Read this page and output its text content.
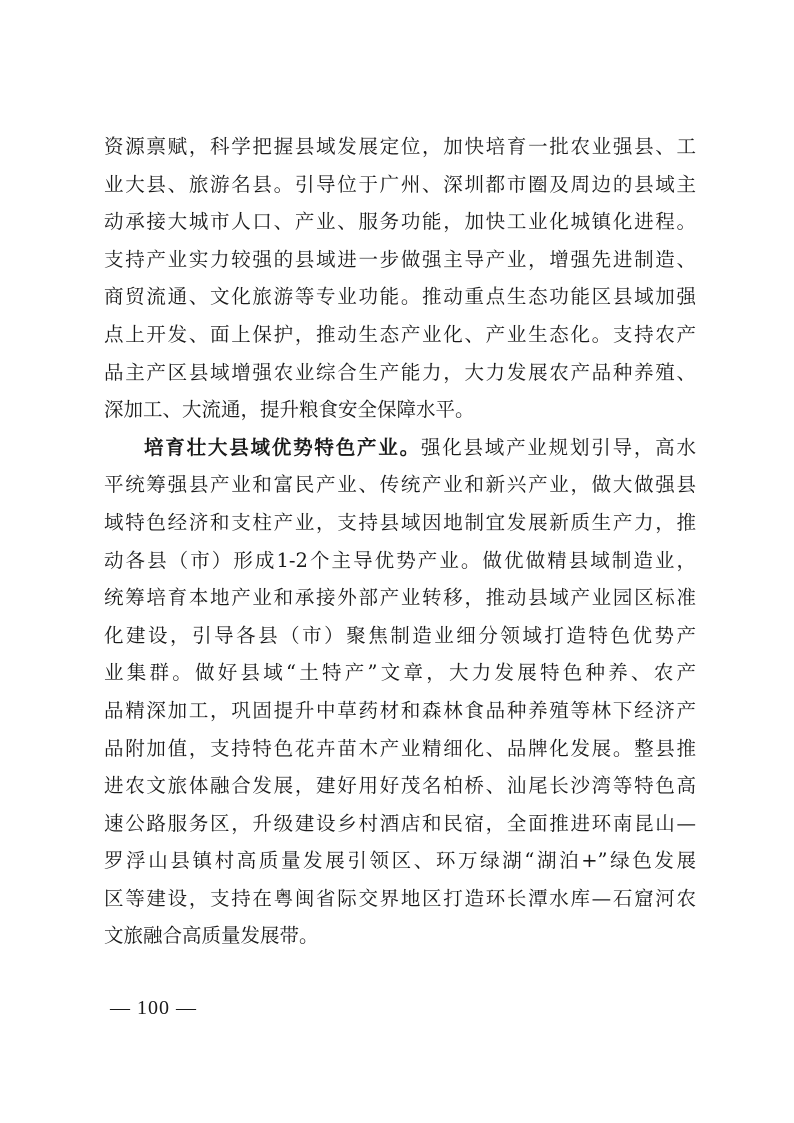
资源禀赋，科学把握县域发展定位，加快培育一批农业强县、工
业大县、旅游名县。引导位于广州、深圳都市圈及周边的县域主
动承接大城市人口、产业、服务功能，加快工业化城镇化进程。
支持产业实力较强的县域进一步做强主导产业，增强先进制造、
商贸流通、文化旅游等专业功能。推动重点生态功能区县域加强
点上开发、面上保护，推动生态产业化、产业生态化。支持农产
品主产区县域增强农业综合生产能力，大力发展农产品种养殖、
深加工、大流通，提升粮食安全保障水平。
培育壮大县域优势特色产业。强化县域产业规划引导，高水
平统筹强县产业和富民产业、传统产业和新兴产业，做大做强县
域特色经济和支柱产业，支持县域因地制宜发展新质生产力，推
动各县（市）形成1-2个主导优势产业。做优做精县域制造业，
统筹培育本地产业和承接外部产业转移，推动县域产业园区标准
化建设，引导各县（市）聚焦制造业细分领域打造特色优势产
业集群。做好县域“土特产”文章，大力发展特色种养、农产
品精深加工，巩固提升中草药材和森林食品种养殖等林下经济产
品附加值，支持特色花卉苗木产业精细化、品牌化发展。整县推
进农文旅体融合发展，建好用好茂名柏桥、汕尾长沙湾等特色高
速公路服务区，升级建设乡村酒店和民宿，全面推进环南昆山—
罗浮山县镇村高质量发展引领区、环万绿湖“湖泊+”绿色发展
区等建设，支持在粤闽省际交界地区打造环长潭水库—石窟河农
文旅融合高质量发展带。
— 100 —
